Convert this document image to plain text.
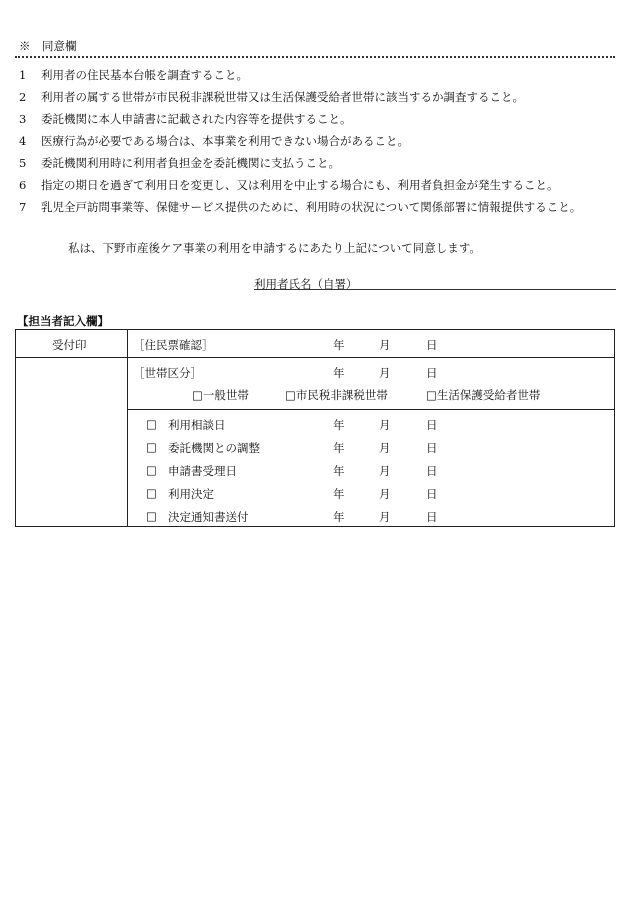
※　同意欄
1 利用者の住民基本台帳を調査すること。
2 利用者の属する世帯が市民税非課税世帯又は生活保護受給者世帯に該当するか調査すること。
3 委託機関に本人申請書に記載された内容等を提供すること。
4 医療行為が必要である場合は、本事業を利用できない場合があること。
5 委託機関利用時に利用者負担金を委託機関に支払うこと。
6 指定の期日を過ぎて利用日を変更し、又は利用を中止する場合にも、利用者負担金が発生すること。
7 乳児全戸訪問事業等、保健サービス提供のために、利用時の状況について関係部署に情報提供すること。
私は、下野市産後ケア事業の利用を申請するにあたり上記について同意します。
利用者氏名（自署）
【担当者記入欄】
受付印	［住民票確認］	年	月	日
［世帯区分］	年	月	日
□一般世帯	□市民税非課税世帯	□生活保護受給者世帯
□ 利用相談日	年	月	日
□ 委託機関との調整	年	月	日
□ 申請書受理日	年	月	日
□ 利用決定	年	月	日
□ 決定通知書送付	年	月	日
